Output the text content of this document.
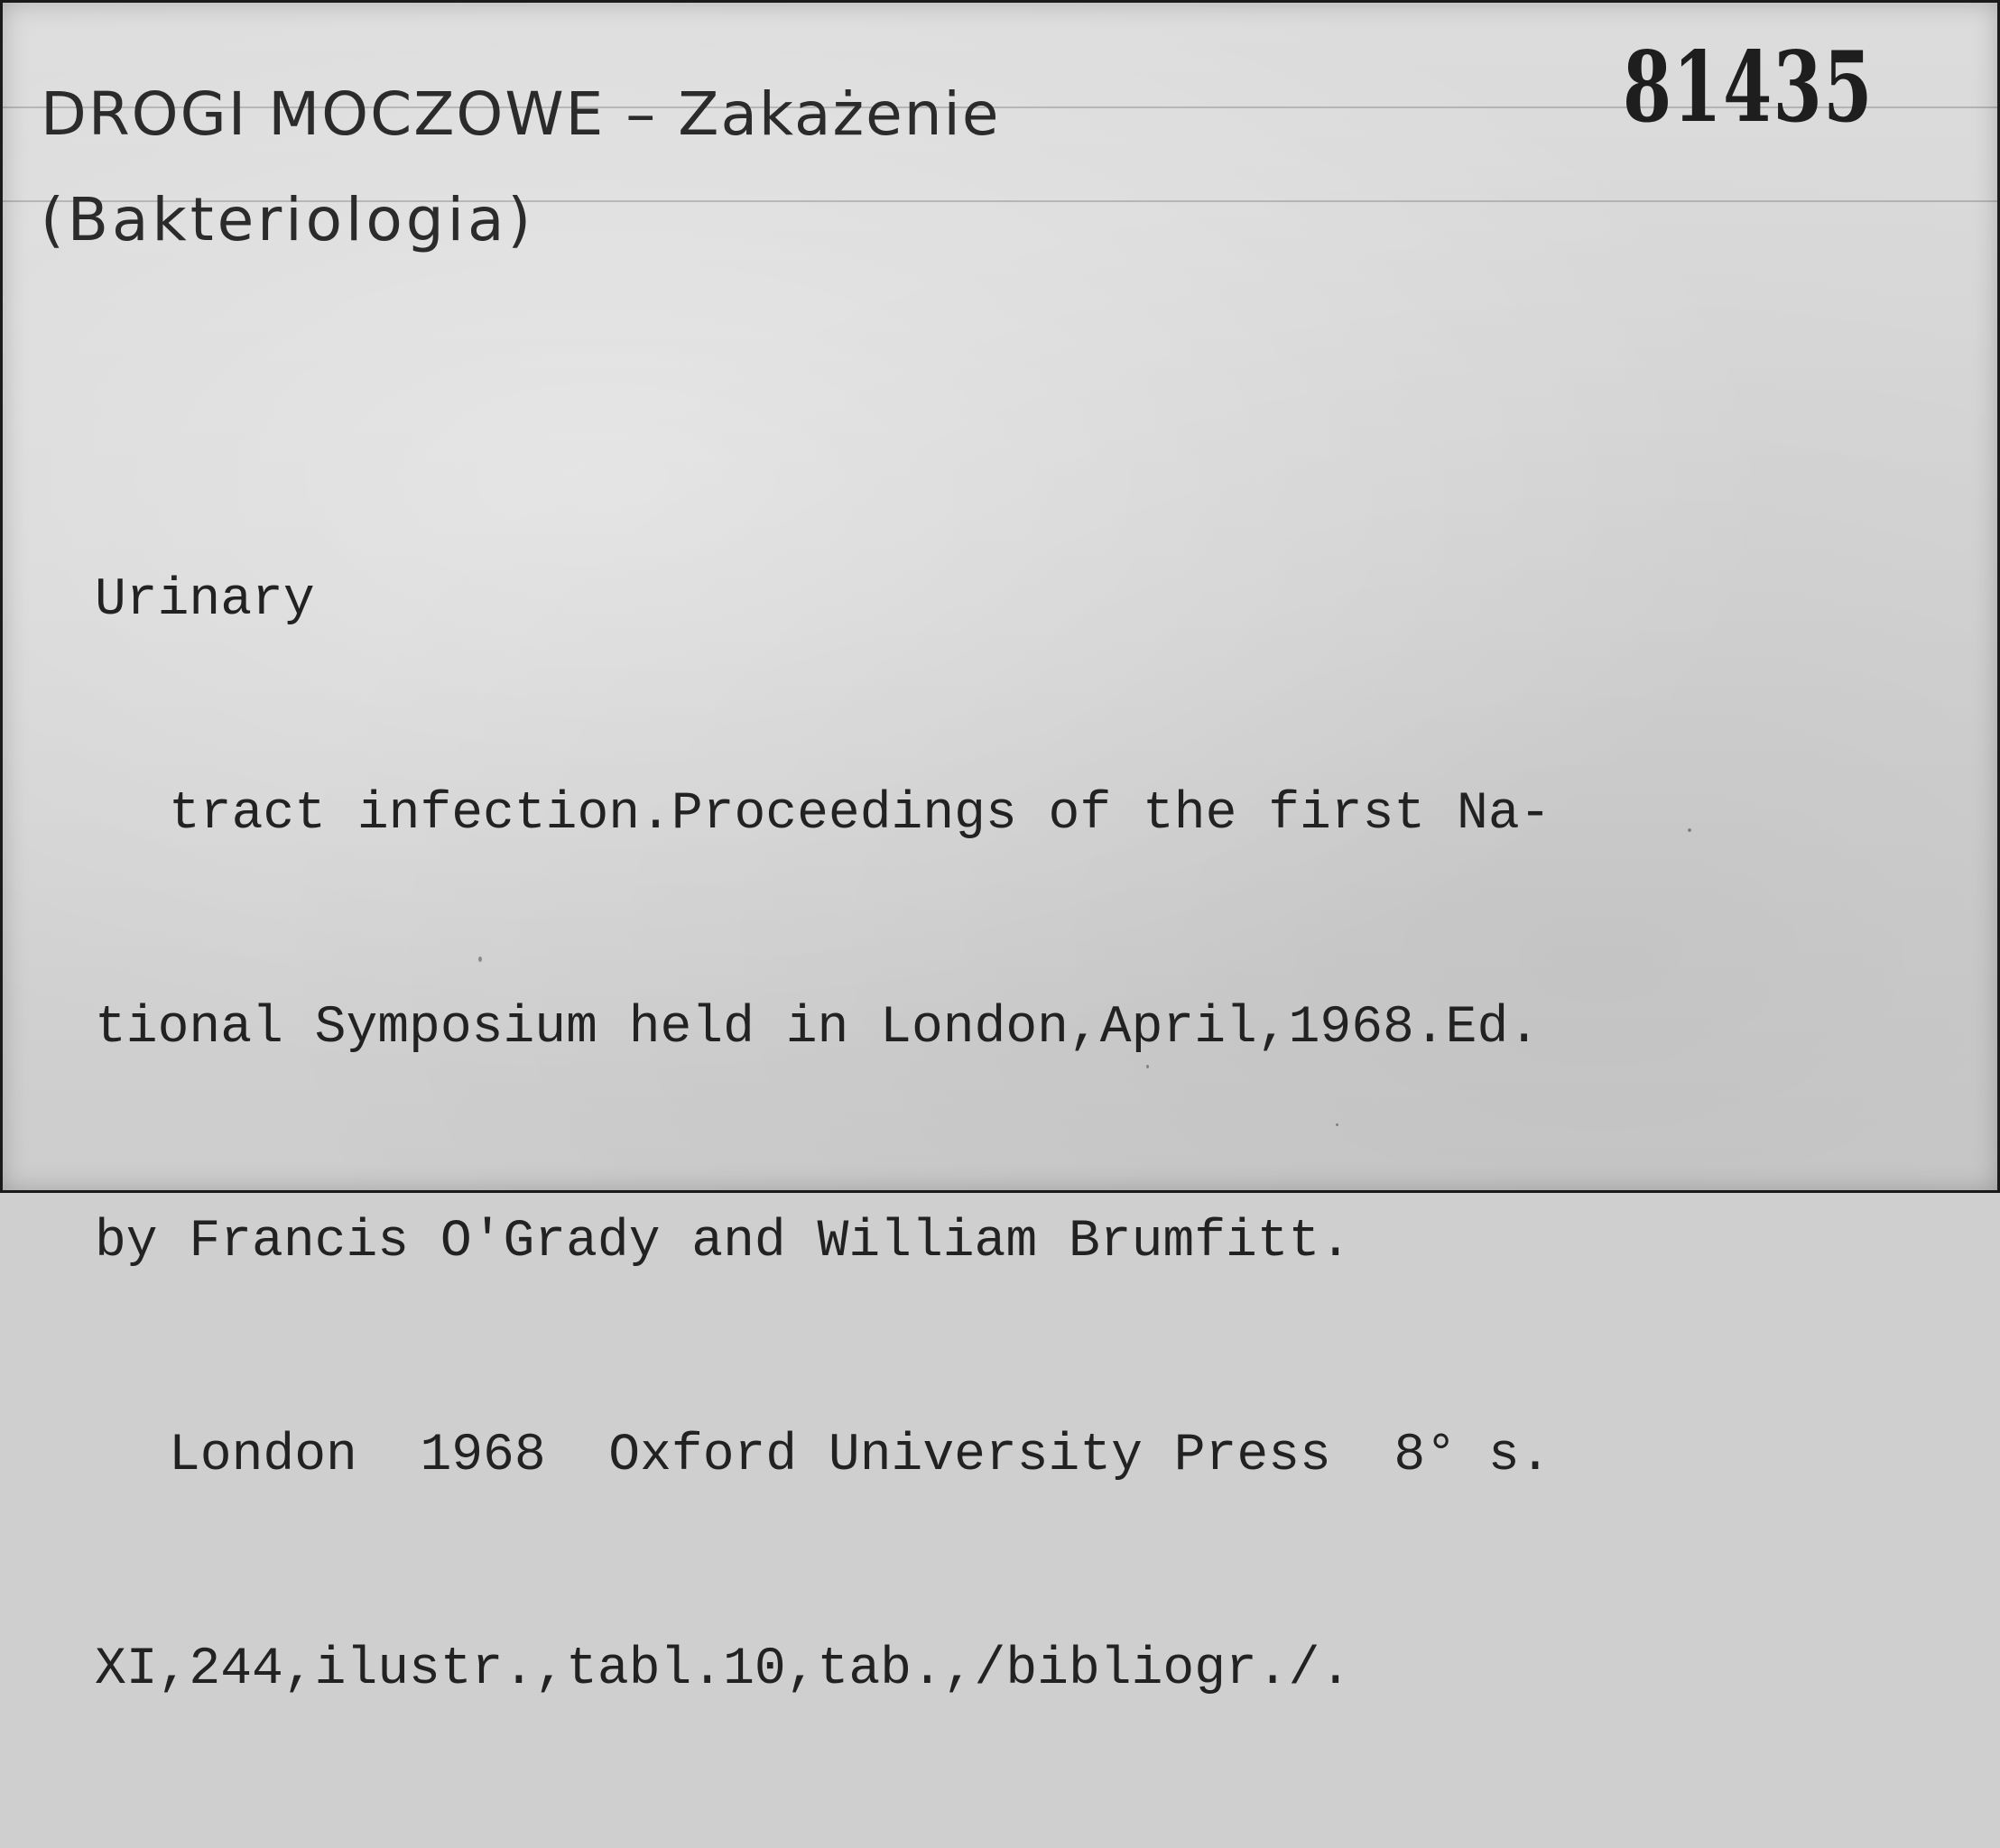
DROGI MOCZOWE – Zakażenie
(Bakteriologia)
81435

Urinary

tract infection.Proceedings of the first Na-

tional Symposium held in London,April,1968.Ed.

by Francis O'Grady and William Brumfitt.

London  1968  Oxford University Press  8° s.

XI,244,ilustr.,tabl.10,tab.,/bibliogr./.
